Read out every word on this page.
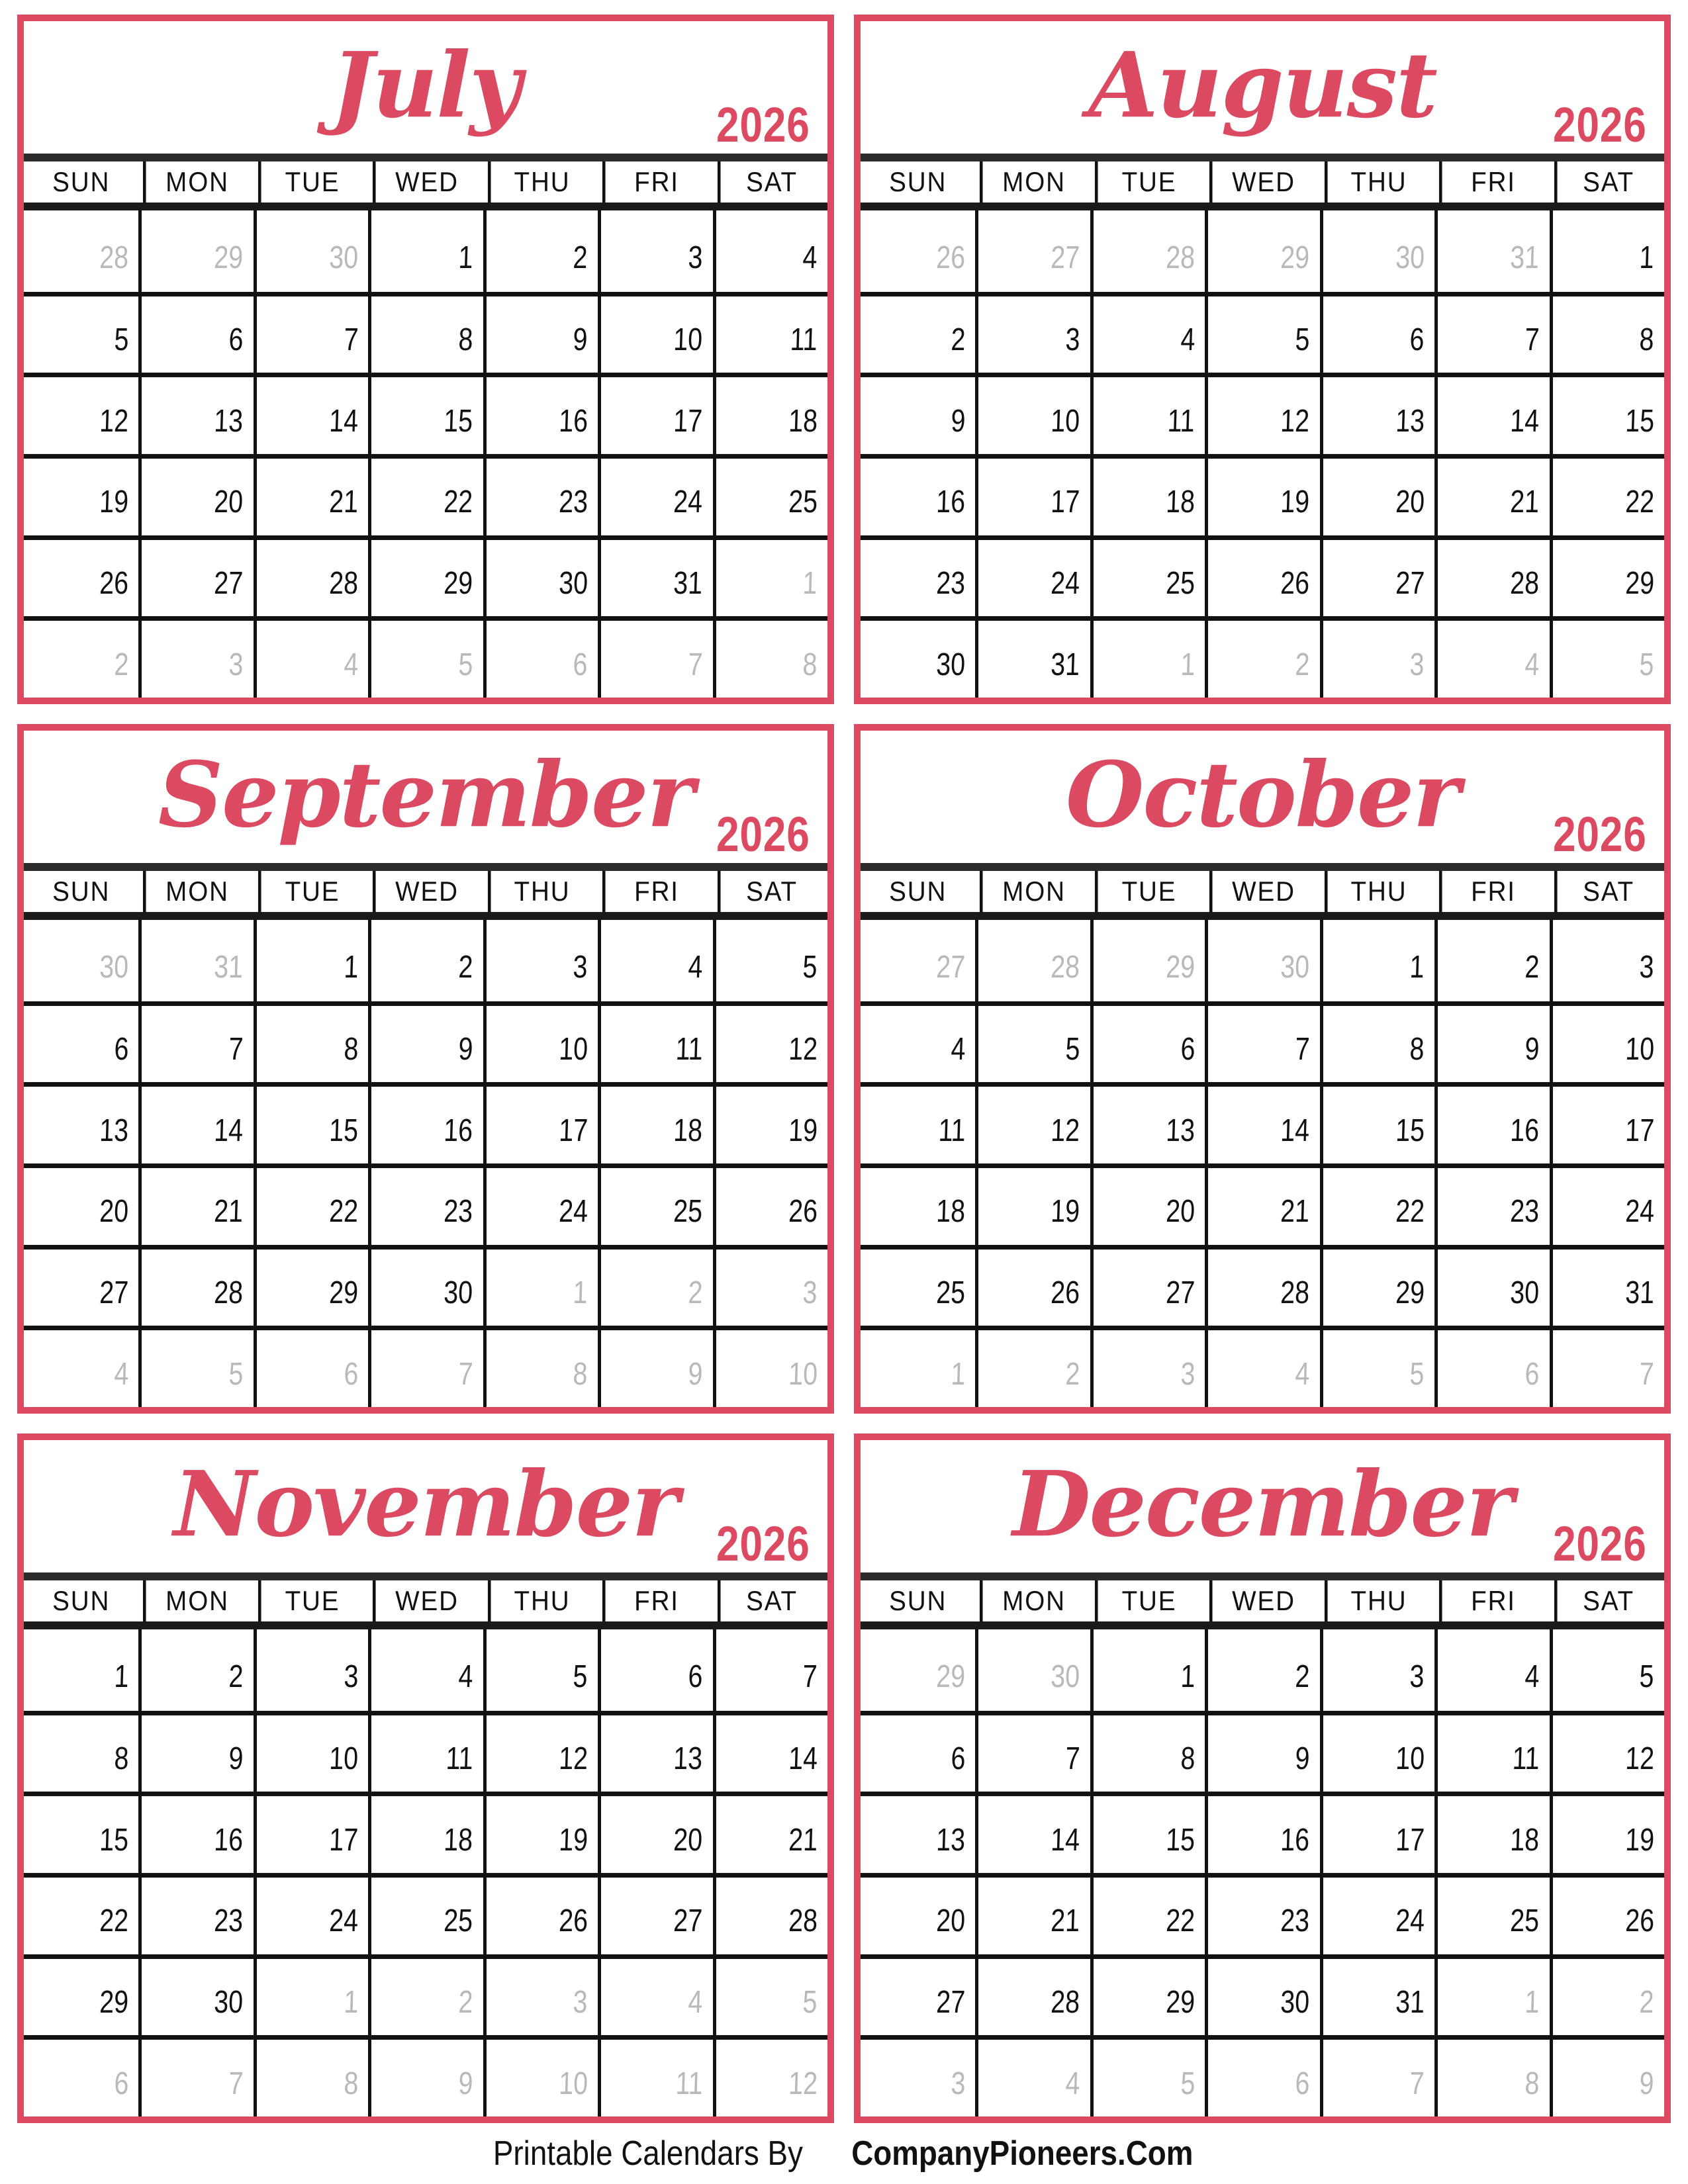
July	2026
SUN	MON	TUE	WED	THU	FRI	SAT
28	29	30	1	2	3	4
5	6	7	8	9	10	11
12	13	14	15	16	17	18
19	20	21	22	23	24	25
26	27	28	29	30	31	1
2	3	4	5	6	7	8
August	2026
SUN	MON	TUE	WED	THU	FRI	SAT
26	27	28	29	30	31	1
2	3	4	5	6	7	8
9	10	11	12	13	14	15
16	17	18	19	20	21	22
23	24	25	26	27	28	29
30	31	1	2	3	4	5
September 2026
SUN	MON	TUE	WED	THU	FRI	SAT
30	31	1	2	3	4	5
6	7	8	9	10	11	12
13	14	15	16	17	18	19
20	21	22	23	24	25	26
27	28	29	30	1	2	3
4	5	6	7	8	9	10
October	2026
SUN	MON	TUE	WED	THU	FRI	SAT
27	28	29	30	1	2	3
4	5	6	7	8	9	10
11	12	13	14	15	16	17
18	19	20	21	22	23	24
25	26	27	28	29	30	31
1	2	3	4	5	6	7
November 2026
SUN	MON	TUE	WED	THU	FRI	SAT
1	2	3	4	5	6	7
8	9	10	11	12	13	14
15	16	17	18	19	20	21
22	23	24	25	26	27	28
29	30	1	2	3	4	5
6	7	8	9	10	11	12
December 2026
SUN	MON	TUE	WED	THU	FRI	SAT
29	30	1	2	3	4	5
6	7	8	9	10	11	12
13	14	15	16	17	18	19
20	21	22	23	24	25	26
27	28	29	30	31	1	2
3	4	5	6	7	8	9
Printable Calendars By CompanyPioneers.Com
